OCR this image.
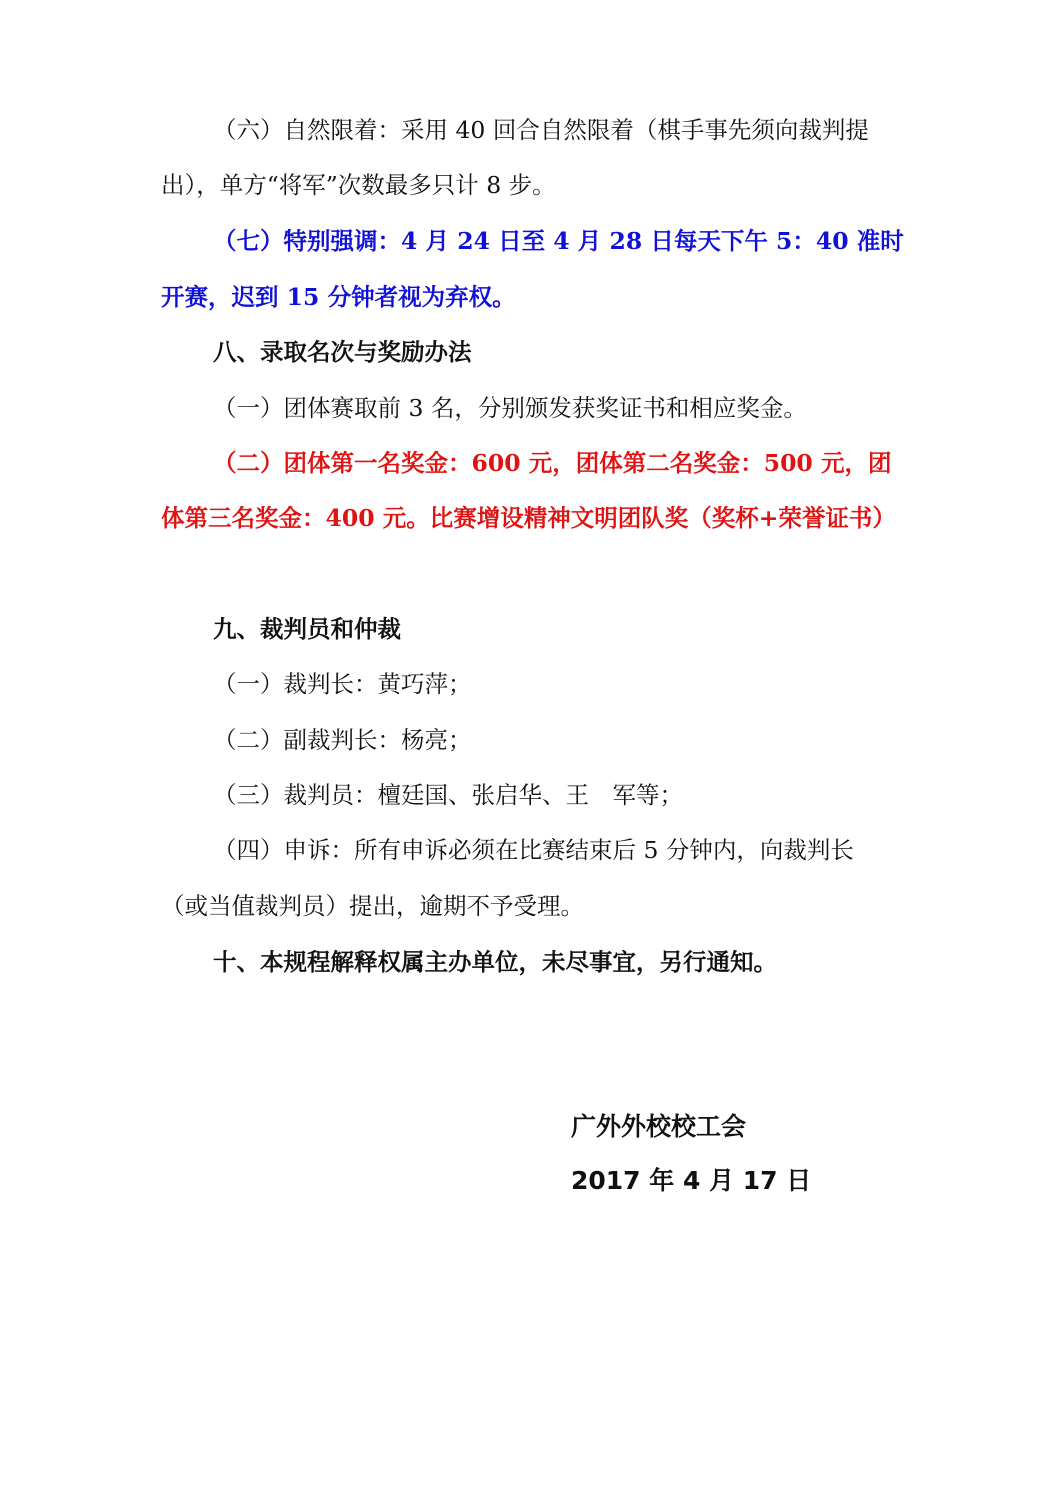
（六）自然限着：采用 40 回合自然限着（棋手事先须向裁判提
出），单方“将军”次数最多只计 8 步。
（七）特别强调：4 月 24 日至 4 月 28 日每天下午 5：40 准时
开赛，迟到 15 分钟者视为弃权。
八、录取名次与奖励办法
（一）团体赛取前 3 名，分别颁发获奖证书和相应奖金。
（二）团体第一名奖金：600 元，团体第二名奖金：500 元，团
体第三名奖金：400 元。比赛增设精神文明团队奖（奖杯+荣誉证书）
九、裁判员和仲裁
（一）裁判长：黄巧萍；
（二）副裁判长：杨亮；
（三）裁判员：檀廷国、张启华、王　军等；
（四）申诉：所有申诉必须在比赛结束后 5 分钟内，向裁判长
（或当值裁判员）提出，逾期不予受理。
十、本规程解释权属主办单位，未尽事宜，另行通知。
广外外校校工会
2017 年 4 月 17 日
